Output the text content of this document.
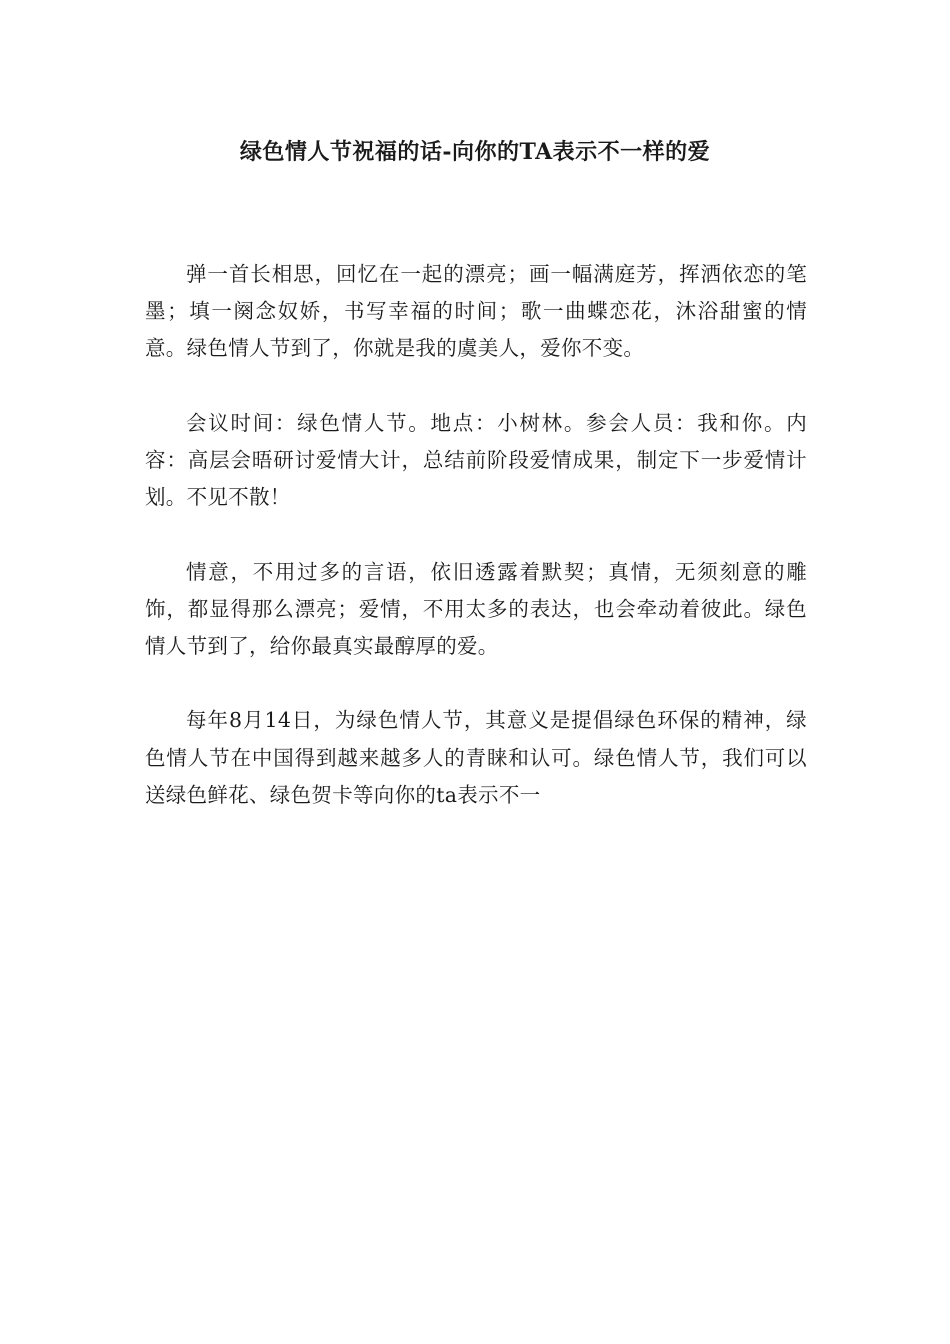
绿色情人节祝福的话-向你的TA表示不一样的爱

弹一首长相思，回忆在一起的漂亮；画一幅满庭芳，挥洒依恋的笔墨；填一阕念奴娇，书写幸福的时间；歌一曲蝶恋花，沐浴甜蜜的情意。绿色情人节到了，你就是我的虞美人，爱你不变。

会议时间：绿色情人节。地点：小树林。参会人员：我和你。内容：高层会晤研讨爱情大计，总结前阶段爱情成果，制定下一步爱情计划。不见不散！

情意，不用过多的言语，依旧透露着默契；真情，无须刻意的雕饰，都显得那么漂亮；爱情，不用太多的表达，也会牵动着彼此。绿色情人节到了，给你最真实最醇厚的爱。

每年8月14日，为绿色情人节，其意义是提倡绿色环保的精神，绿色情人节在中国得到越来越多人的青睐和认可。绿色情人节，我们可以送绿色鲜花、绿色贺卡等向你的ta表示不一
